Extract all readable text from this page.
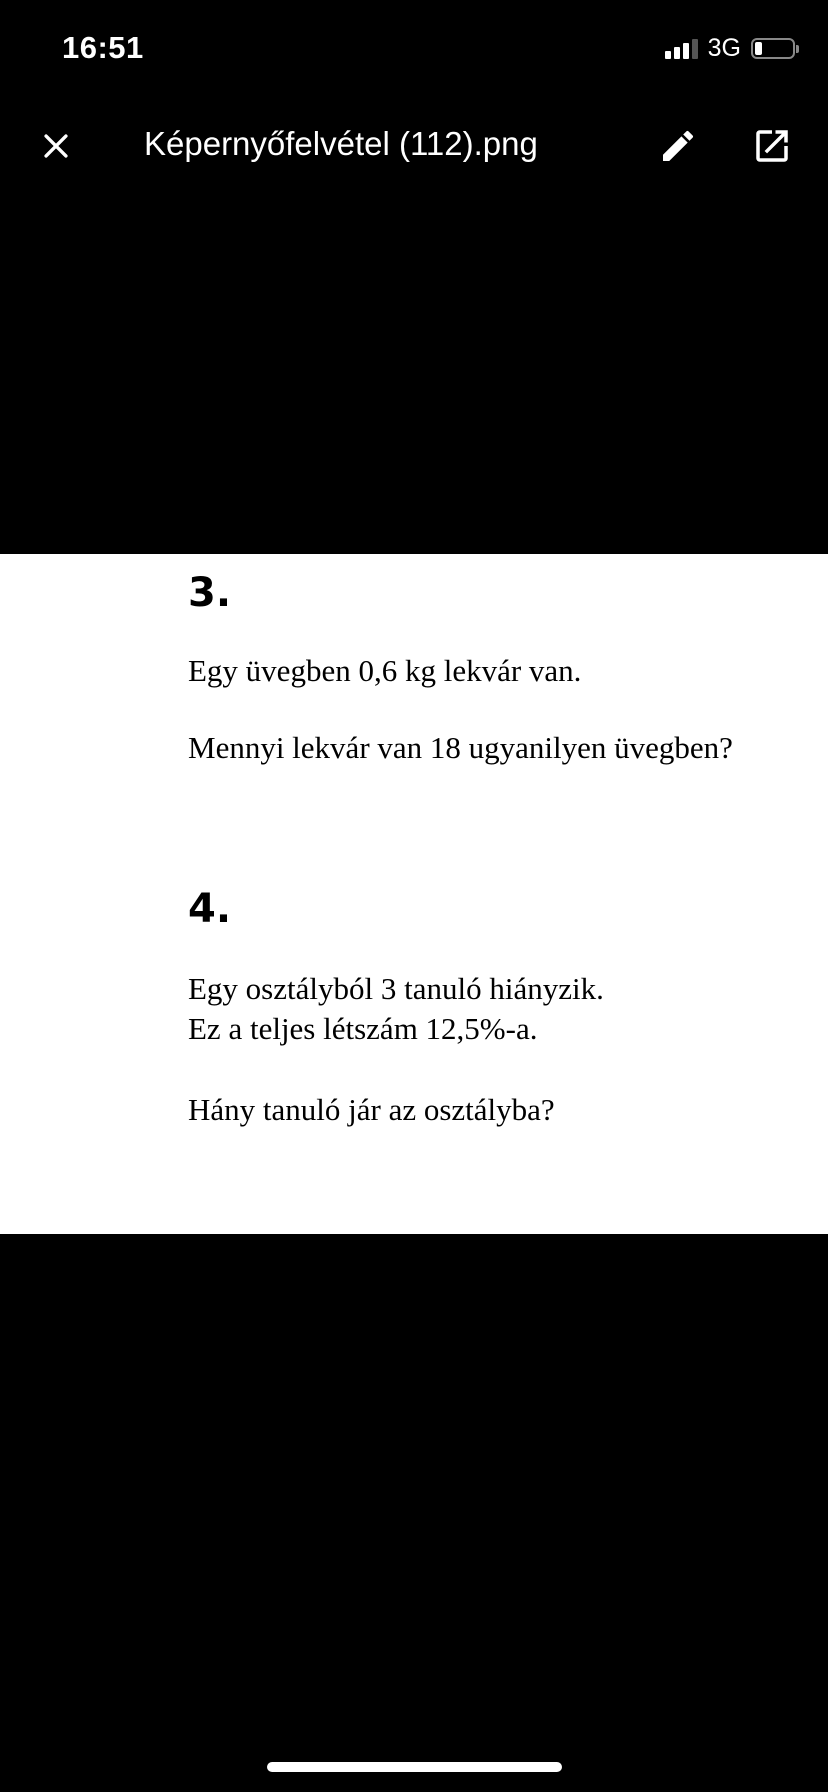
16:51	3G
Képernyőfelvétel (112).png
3.
Egy üvegben 0,6 kg lekvár van.
Mennyi lekvár van 18 ugyanilyen üvegben?
4.
Egy osztályból 3 tanuló hiányzik.
Ez a teljes létszám 12,5%-a.
Hány tanuló jár az osztályba?
